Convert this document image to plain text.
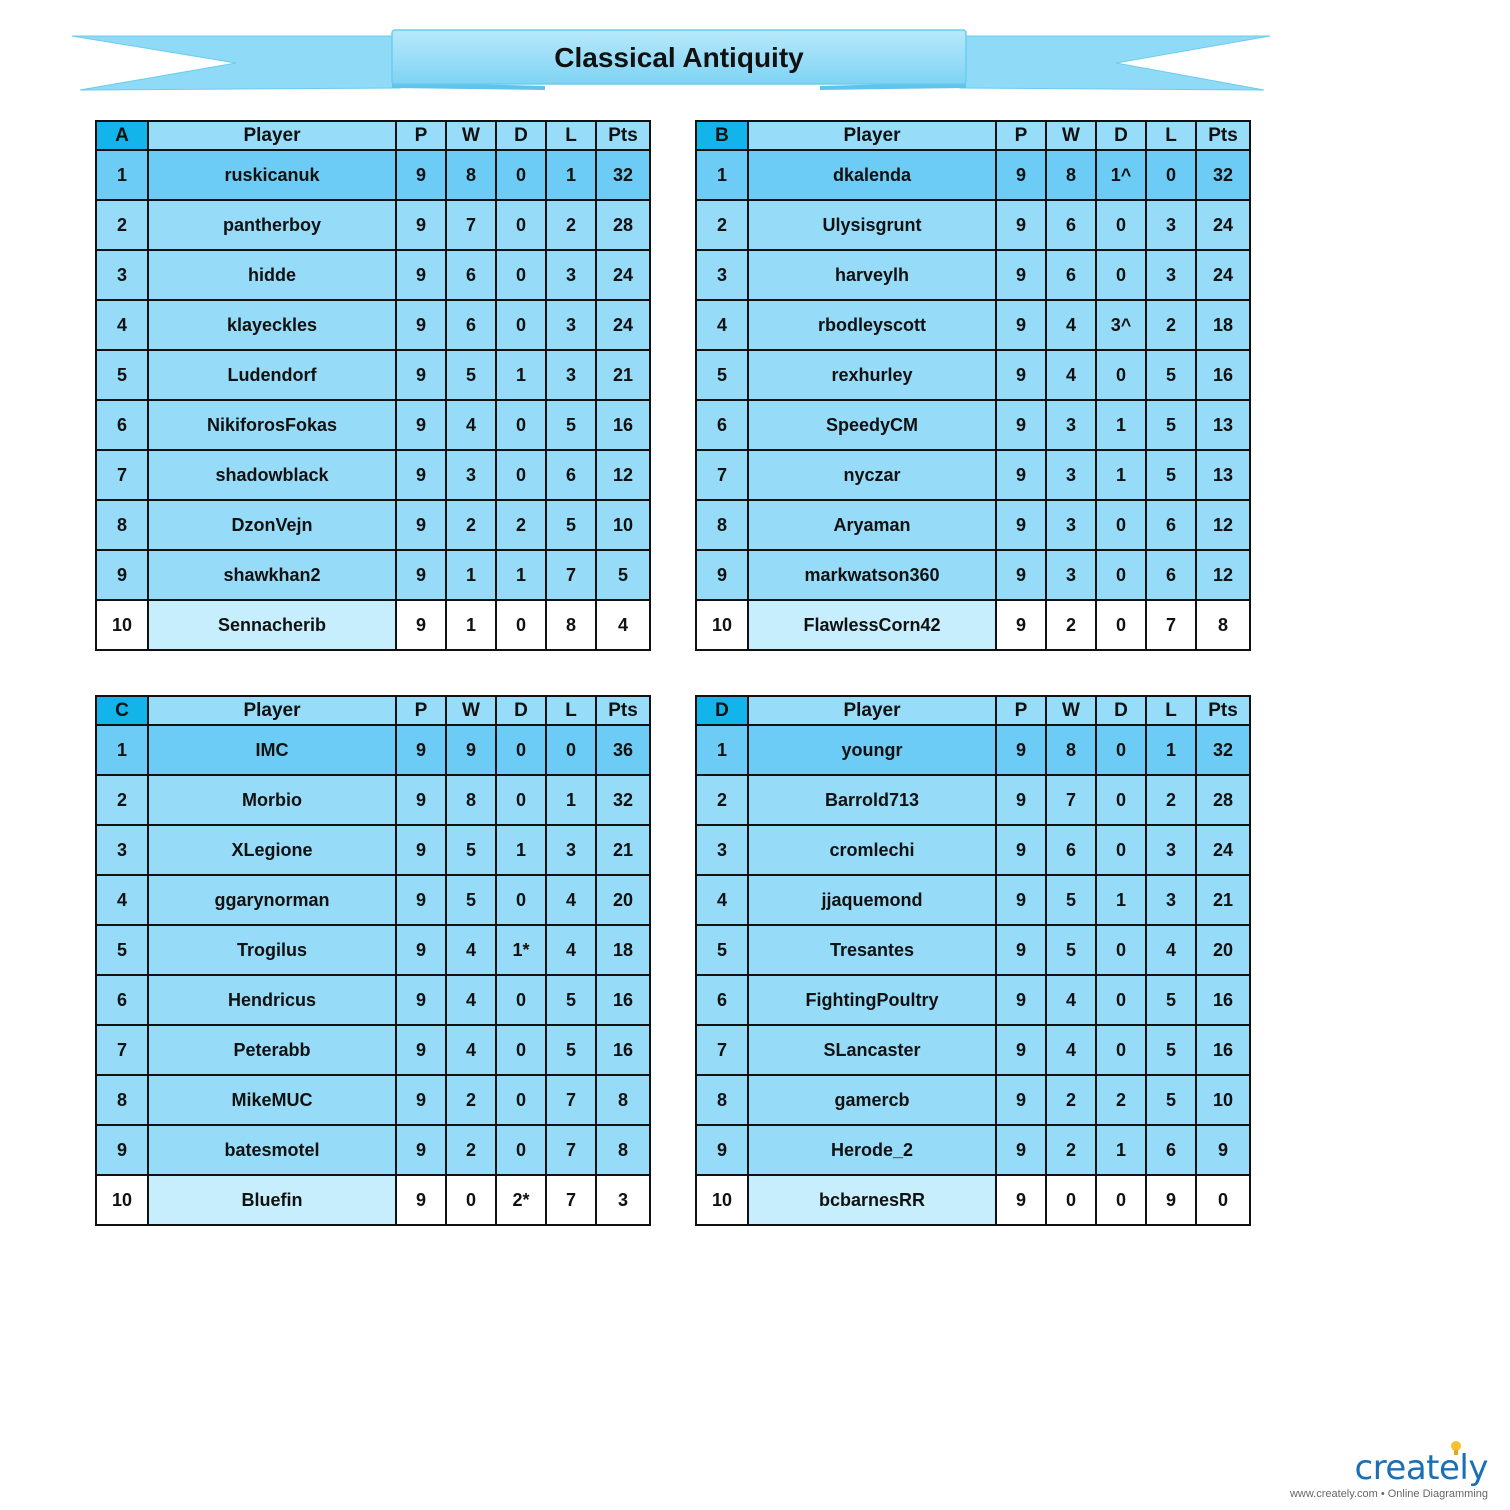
Classical Antiquity
A	Player	P	W	D	L	Pts
1	ruskicanuk	9	8	0	1	32
2	pantherboy	9	7	0	2	28
3	hidde	9	6	0	3	24
4	klayeckles	9	6	0	3	24
5	Ludendorf	9	5	1	3	21
6	NikiforosFokas	9	4	0	5	16
7	shadowblack	9	3	0	6	12
8	DzonVejn	9	2	2	5	10
9	shawkhan2	9	1	1	7	5
10	Sennacherib	9	1	0	8	4
B	Player	P	W	D	L	Pts
1	dkalenda	9	8	1^	0	32
2	Ulysisgrunt	9	6	0	3	24
3	harveylh	9	6	0	3	24
4	rbodleyscott	9	4	3^	2	18
5	rexhurley	9	4	0	5	16
6	SpeedyCM	9	3	1	5	13
7	nyczar	9	3	1	5	13
8	Aryaman	9	3	0	6	12
9	markwatson360	9	3	0	6	12
10	FlawlessCorn42	9	2	0	7	8
C	Player	P	W	D	L	Pts
1	IMC	9	9	0	0	36
2	Morbio	9	8	0	1	32
3	XLegione	9	5	1	3	21
4	ggarynorman	9	5	0	4	20
5	Trogilus	9	4	1*	4	18
6	Hendricus	9	4	0	5	16
7	Peterabb	9	4	0	5	16
8	MikeMUC	9	2	0	7	8
9	batesmotel	9	2	0	7	8
10	Bluefin	9	0	2*	7	3
D	Player	P	W	D	L	Pts
1	youngr	9	8	0	1	32
2	Barrold713	9	7	0	2	28
3	cromlechi	9	6	0	3	24
4	jjaquemond	9	5	1	3	21
5	Tresantes	9	5	0	4	20
6	FightingPoultry	9	4	0	5	16
7	SLancaster	9	4	0	5	16
8	gamercb	9	2	2	5	10
9	Herode_2	9	2	1	6	9
10	bcbarnesRR	9	0	0	9	0
creately
www.creately.com • Online Diagramming
